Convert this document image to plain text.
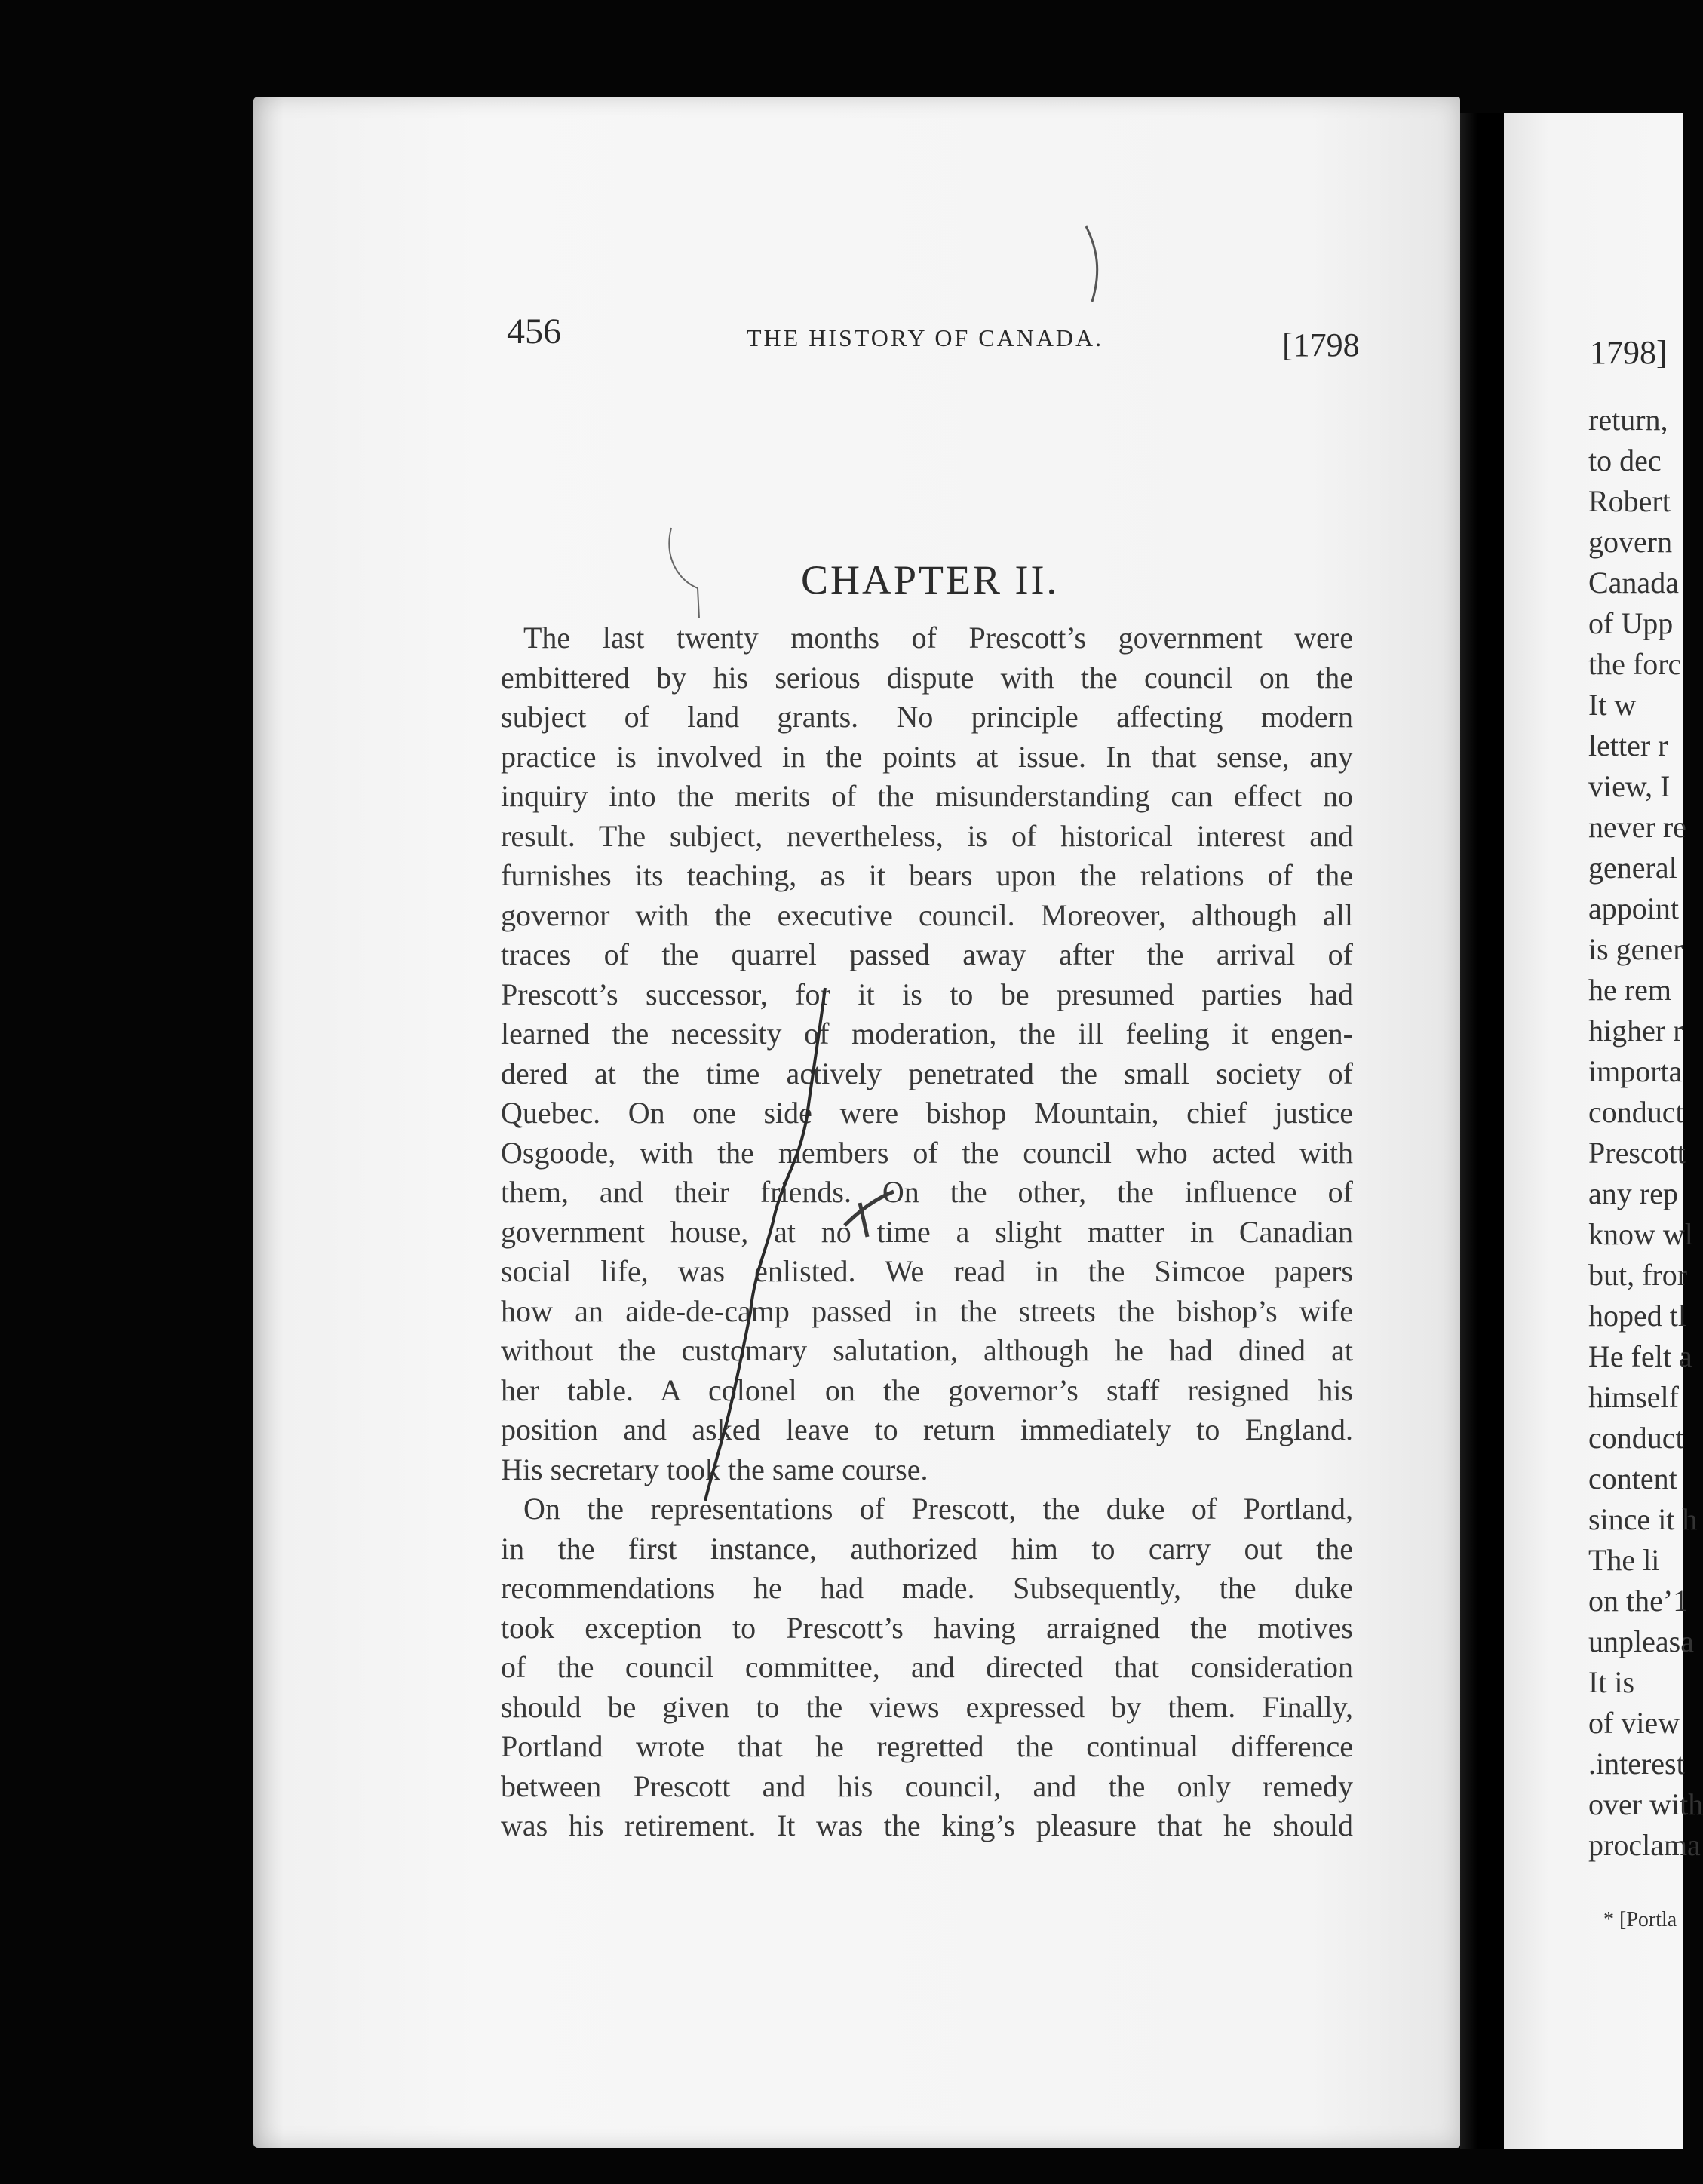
456	THE HISTORY OF CANADA.	[1798
CHAPTER II.
The last twenty months of Prescott’s government were
embittered by his serious dispute with the council on the
subject of land grants. No principle affecting modern
practice is involved in the points at issue. In that sense, any
inquiry into the merits of the misunderstanding can effect no
result. The subject, nevertheless, is of historical interest and
furnishes its teaching, as it bears upon the relations of the
governor with the executive council. Moreover, although all
traces of the quarrel passed away after the arrival of
Prescott’s successor, for it is to be presumed parties had
learned the necessity of moderation, the ill feeling it engen-
dered at the time actively penetrated the small society of
Quebec. On one side were bishop Mountain, chief justice
Osgoode, with the members of the council who acted with
them, and their friends. On the other, the influence of
government house, at no time a slight matter in Canadian
social life, was enlisted. We read in the Simcoe papers
how an aide-de-camp passed in the streets the bishop’s wife
without the customary salutation, although he had dined at
her table. A colonel on the governor’s staff resigned his
position and asked leave to return immediately to England.
His secretary took the same course.
On the representations of Prescott, the duke of Portland,
in the first instance, authorized him to carry out the
recommendations he had made. Subsequently, the duke
took exception to Prescott’s having arraigned the motives
of the council committee, and directed that consideration
should be given to the views expressed by them. Finally,
Portland wrote that he regretted the continual difference
between Prescott and his council, and the only remedy
was his retirement. It was the king’s pleasure that he should
1798]
return,
to dec
Robert
govern
Canada
of Upp
the forc
It w
letter r
view, I
never re
general
appoint
is gener
he rem
higher r
importa
conduct
Prescott
any rep
know wl
but, fror
hoped tl
He felt a
himself
conduct
content
since it h
The li
on the’1
unpleasa
It is
of view
.interest
over with
proclama
* [Portla
